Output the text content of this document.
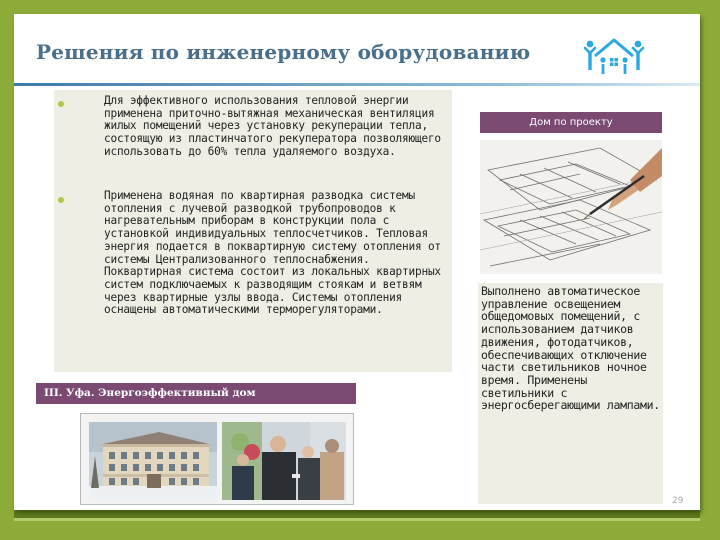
Решения по инженерному оборудованию

Для эффективного использования тепловой энергии применена приточно-вытяжная механическая вентиляция жилых помещений через установку рекуперации тепла, состоящую из пластинчатого рекуператора позволяющего использовать до 60% тепла удаляемого воздуха.

Применена водяная по квартирная разводка системы отопления с лучевой разводкой трубопроводов к нагревательным приборам в конструкции пола с установкой индивидуальных теплосчетчиков. Тепловая энергия подается в поквартирную систему отопления от системы Централизованного теплоснабжения. Поквартирная система состоит из локальных квартирных систем подключаемых к разводящим стоякам и ветвям через квартирные узлы ввода. Системы отопления оснащены автоматическими терморегуляторами.

III. Уфа. Энергоэффективный дом
Дом по проекту

Выполнено автоматическое управление освещением общедомовых помещений, с использованием датчиков движения, фотодатчиков, обеспечивающих отключение части светильников ночное время. Применены светильники с энергосберегающими лампами.

29
